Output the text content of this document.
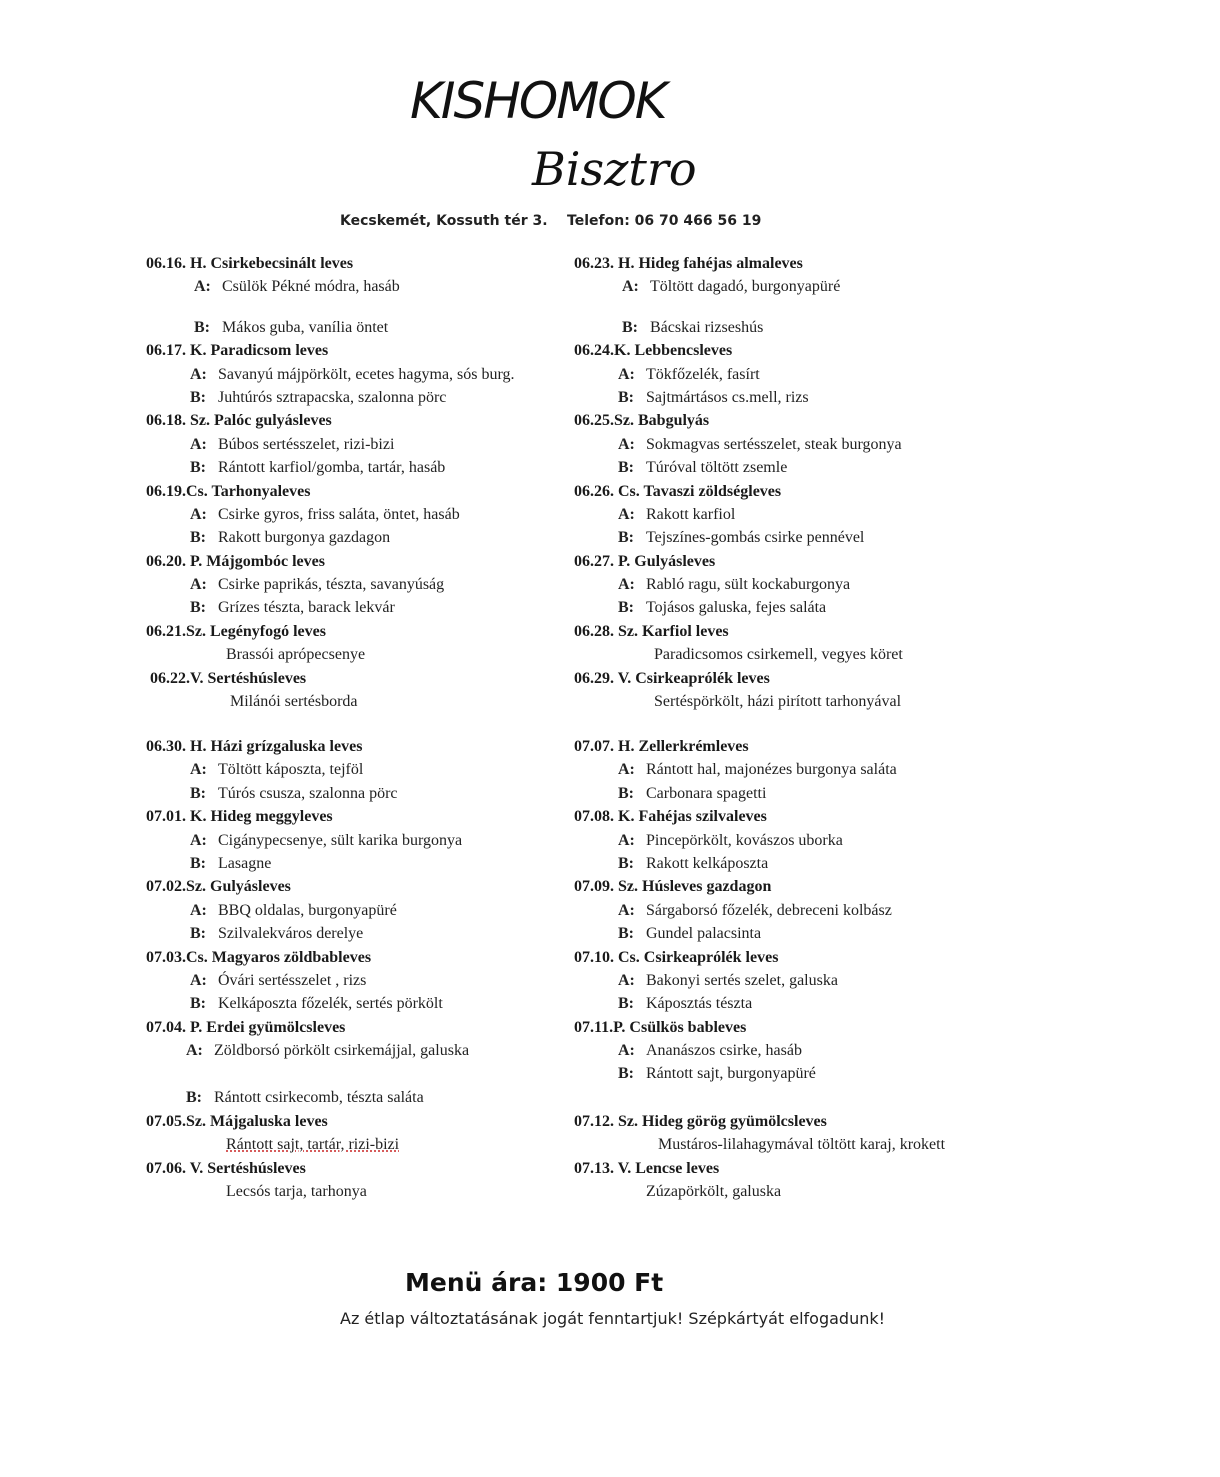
KISHOMOK
Bisztro
Kecskemét, Kossuth tér 3. Telefon: 06 70 466 56 19
06.16. H. Csirkebecsinált leves
A: Csülök Pékné módra, hasáb
B: Mákos guba, vanília öntet
06.17. K. Paradicsom leves
A: Savanyú májpörkölt, ecetes hagyma, sós burg.
B: Juhtúrós sztrapacska, szalonna pörc
06.18. Sz. Palóc gulyásleves
A: Búbos sertésszelet, rizi-bizi
B: Rántott karfiol/gomba, tartár, hasáb
06.19.Cs. Tarhonyaleves
A: Csirke gyros, friss saláta, öntet, hasáb
B: Rakott burgonya gazdagon
06.20. P. Májgombóc leves
A: Csirke paprikás, tészta, savanyúság
B: Grízes tészta, barack lekvár
06.21.Sz. Legényfogó leves
Brassói aprópecsenye
06.22.V. Sertéshúsleves
Milánói sertésborda
06.23. H. Hideg fahéjas almaleves
A: Töltött dagadó, burgonyapüré
B: Bácskai rizseshús
06.24.K. Lebbencsleves
A: Tökfőzelék, fasírt
B: Sajtmártásos cs.mell, rizs
06.25.Sz. Babgulyás
A: Sokmagvas sertésszelet, steak burgonya
B: Túróval töltött zsemle
06.26. Cs. Tavaszi zöldségleves
A: Rakott karfiol
B: Tejszínes-gombás csirke pennével
06.27. P. Gulyásleves
A: Rabló ragu, sült kockaburgonya
B: Tojásos galuska, fejes saláta
06.28. Sz. Karfiol leves
Paradicsomos csirkemell, vegyes köret
06.29. V. Csirkeaprólék leves
Sertéspörkölt, házi pirított tarhonyával
06.30. H. Házi grízgaluska leves
A: Töltött káposzta, tejföl
B: Túrós csusza, szalonna pörc
07.01. K. Hideg meggyleves
A: Cigánypecsenye, sült karika burgonya
B: Lasagne
07.02.Sz. Gulyásleves
A: BBQ oldalas, burgonyapüré
B: Szilvalekváros derelye
07.03.Cs. Magyaros zöldbableves
A: Óvári sertésszelet , rizs
B: Kelkáposzta főzelék, sertés pörkölt
07.04. P. Erdei gyümölcsleves
A: Zöldborsó pörkölt csirkemájjal, galuska
B: Rántott csirkecomb, tészta saláta
07.05.Sz. Májgaluska leves
Rántott sajt, tartár, rizi-bizi
07.06. V. Sertéshúsleves
Lecsós tarja, tarhonya
07.07. H. Zellerkrémleves
A: Rántott hal, majonézes burgonya saláta
B: Carbonara spagetti
07.08. K. Fahéjas szilvaleves
A: Pincepörkölt, kovászos uborka
B: Rakott kelkáposzta
07.09. Sz. Húsleves gazdagon
A: Sárgaborsó főzelék, debreceni kolbász
B: Gundel palacsinta
07.10. Cs. Csirkeaprólék leves
A: Bakonyi sertés szelet, galuska
B: Káposztás tészta
07.11.P. Csülkös bableves
A: Ananászos csirke, hasáb
B: Rántott sajt, burgonyapüré
07.12. Sz. Hideg görög gyümölcsleves
Mustáros-lilahagymával töltött karaj, krokett
07.13. V. Lencse leves
Zúzapörkölt, galuska
Menü ára: 1900 Ft
Az étlap változtatásának jogát fenntartjuk! Szépkártyát elfogadunk!
